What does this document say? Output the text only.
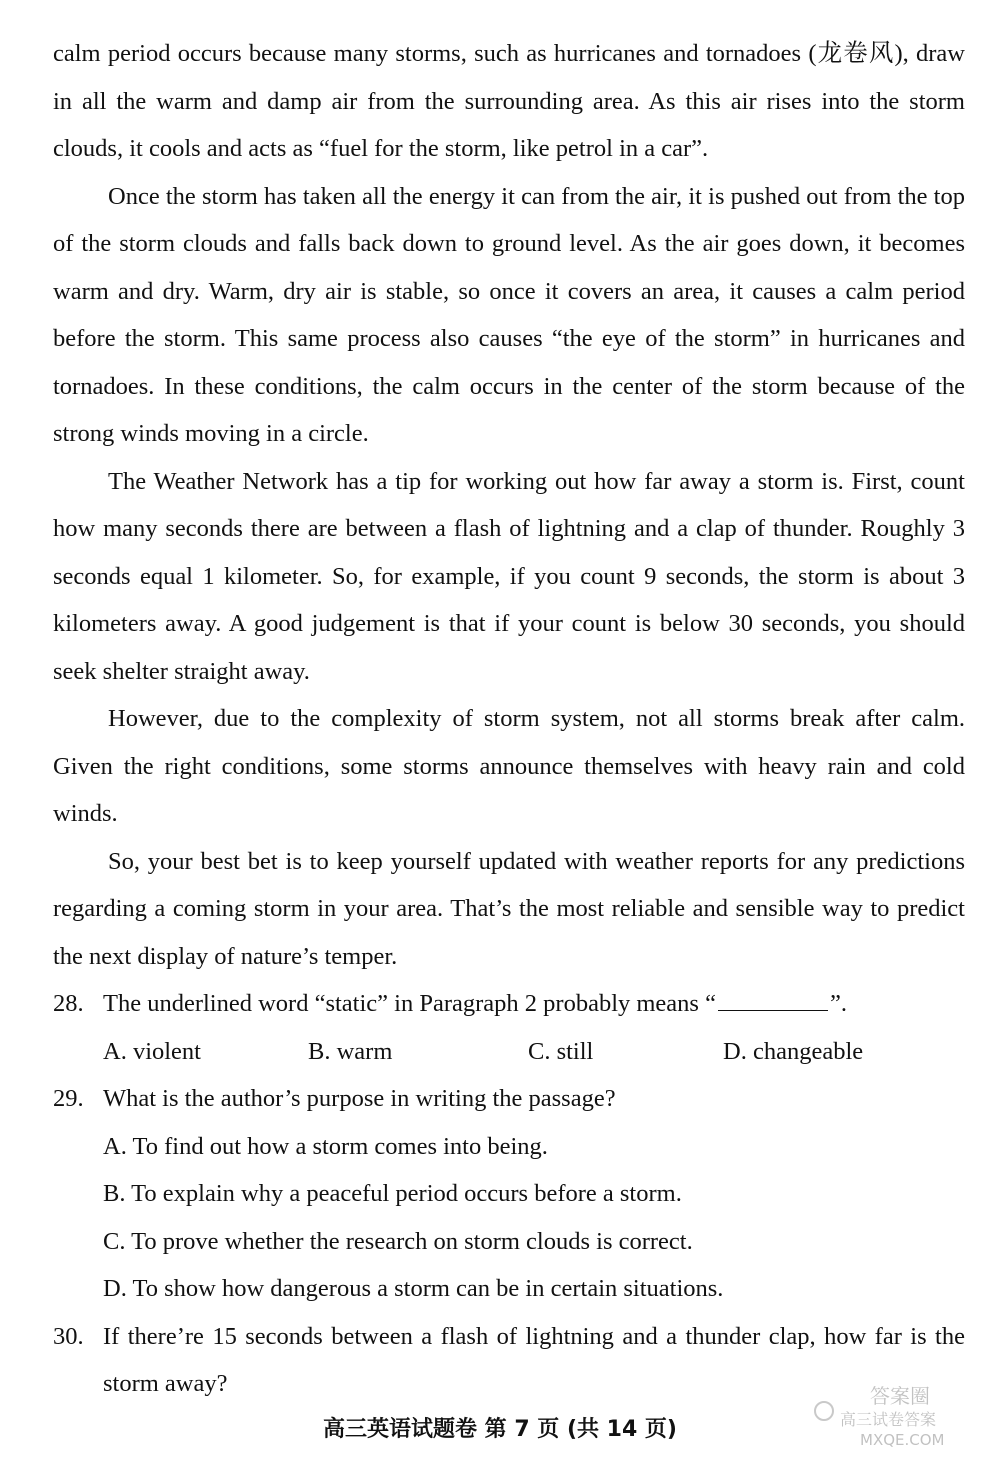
calm period occurs because many storms, such as hurricanes and tornadoes (龙卷风), draw in all the warm and damp air from the surrounding area. As this air rises into the storm clouds, it cools and acts as “fuel for the storm, like petrol in a car”.

Once the storm has taken all the energy it can from the air, it is pushed out from the top of the storm clouds and falls back down to ground level. As the air goes down, it becomes warm and dry. Warm, dry air is stable, so once it covers an area, it causes a calm period before the storm. This same process also causes “the eye of the storm” in hurricanes and tornadoes. In these conditions, the calm occurs in the center of the storm because of the strong winds moving in a circle.

The Weather Network has a tip for working out how far away a storm is. First, count how many seconds there are between a flash of lightning and a clap of thunder. Roughly 3 seconds equal 1 kilometer. So, for example, if you count 9 seconds, the storm is about 3 kilometers away. A good judgement is that if your count is below 30 seconds, you should seek shelter straight away.

However, due to the complexity of storm system, not all storms break after calm. Given the right conditions, some storms announce themselves with heavy rain and cold winds.

So, your best bet is to keep yourself updated with weather reports for any predictions regarding a coming storm in your area. That’s the most reliable and sensible way to predict the next display of nature’s temper.

28. The underlined word “static” in Paragraph 2 probably means “	”.
A. violent	B. warm	C. still	D. changeable
29. What is the author’s purpose in writing the passage?
A. To find out how a storm comes into being.
B. To explain why a peaceful period occurs before a storm.
C. To prove whether the research on storm clouds is correct.
D. To show how dangerous a storm can be in certain situations.
30. If there’re 15 seconds between a flash of lightning and a thunder clap, how far is the storm away?
高三英语试题卷 第 7 页 (共 14 页)
答案圈
高三试卷答案
MXQE.COM
